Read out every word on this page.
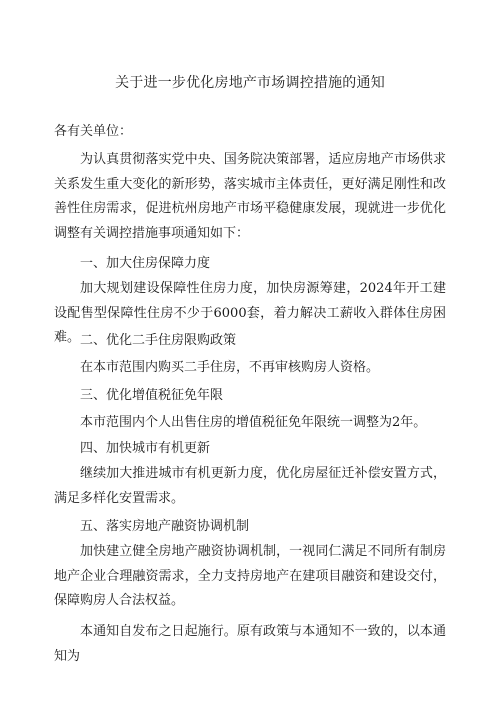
关于进一步优化房地产市场调控措施的通知
各有关单位：
为认真贯彻落实党中央、国务院决策部署，适应房地产市场供求关系发生重大变化的新形势，落实城市主体责任，更好满足刚性和改善性住房需求，促进杭州房地产市场平稳健康发展，现就进一步优化调整有关调控措施事项通知如下：
一、加大住房保障力度
加大规划建设保障性住房力度，加快房源筹建，2024年开工建设配售型保障性住房不少于6000套，着力解决工薪收入群体住房困难。 二、优化二手住房限购政策
在本市范围内购买二手住房，不再审核购房人资格。
三、优化增值税征免年限
本市范围内个人出售住房的增值税征免年限统一调整为2年。
四、加快城市有机更新
继续加大推进城市有机更新力度，优化房屋征迁补偿安置方式，满足多样化安置需求。
五、落实房地产融资协调机制
加快建立健全房地产融资协调机制，一视同仁满足不同所有制房地产企业合理融资需求，全力支持房地产在建项目融资和建设交付，保障购房人合法权益。
本通知自发布之日起施行。原有政策与本通知不一致的，以本通知为
